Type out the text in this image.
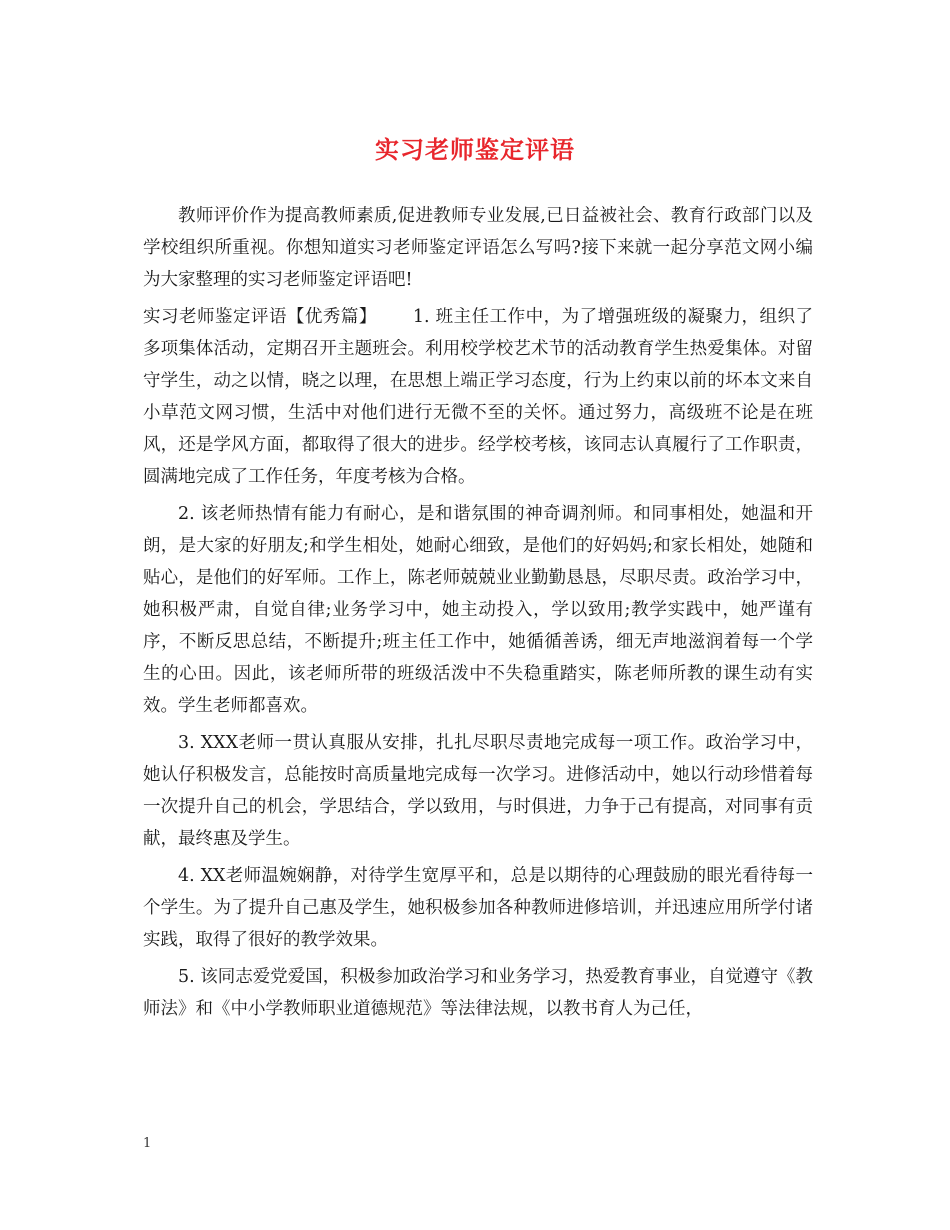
实习老师鉴定评语

教师评价作为提高教师素质,促进教师专业发展,已日益被社会、教育行政部门以及学校组织所重视。你想知道实习老师鉴定评语怎么写吗?接下来就一起分享范文网小编为大家整理的实习老师鉴定评语吧!

实习老师鉴定评语【优秀篇】 1. 班主任工作中，为了增强班级的凝聚力，组织了多项集体活动，定期召开主题班会。利用校学校艺术节的活动教育学生热爱集体。对留守学生，动之以情，晓之以理，在思想上端正学习态度，行为上约束以前的坏本文来自小草范文网习惯，生活中对他们进行无微不至的关怀。通过努力，高级班不论是在班风，还是学风方面，都取得了很大的进步。经学校考核，该同志认真履行了工作职责，圆满地完成了工作任务，年度考核为合格。

2. 该老师热情有能力有耐心，是和谐氛围的神奇调剂师。和同事相处，她温和开朗，是大家的好朋友;和学生相处，她耐心细致，是他们的好妈妈;和家长相处，她随和贴心，是他们的好军师。工作上，陈老师兢兢业业勤勤恳恳，尽职尽责。政治学习中，她积极严肃，自觉自律;业务学习中，她主动投入，学以致用;教学实践中，她严谨有序，不断反思总结，不断提升;班主任工作中，她循循善诱，细无声地滋润着每一个学生的心田。因此，该老师所带的班级活泼中不失稳重踏实，陈老师所教的课生动有实效。学生老师都喜欢。

3. XXX老师一贯认真服从安排，扎扎尽职尽责地完成每一项工作。政治学习中，她认仔积极发言，总能按时高质量地完成每一次学习。进修活动中，她以行动珍惜着每一次提升自己的机会，学思结合，学以致用，与时俱进，力争于己有提高，对同事有贡献，最终惠及学生。

4. XX老师温婉娴静，对待学生宽厚平和，总是以期待的心理鼓励的眼光看待每一个学生。为了提升自己惠及学生，她积极参加各种教师进修培训，并迅速应用所学付诸实践，取得了很好的教学效果。

5. 该同志爱党爱国，积极参加政治学习和业务学习，热爱教育事业，自觉遵守《教师法》和《中小学教师职业道德规范》等法律法规，以教书育人为己任，

1
